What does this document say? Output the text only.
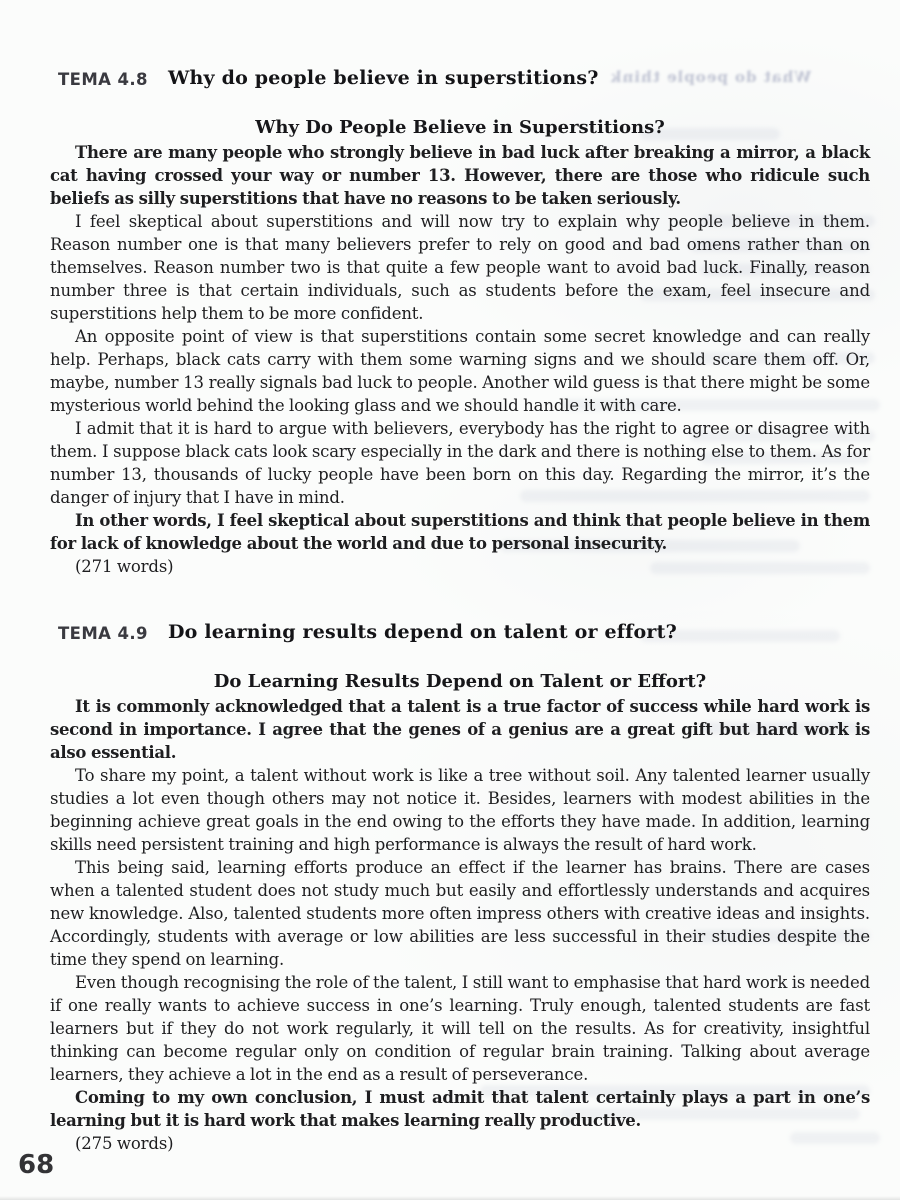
What do people think
ТЕМА 4.8 Why do people believe in superstitions?
Why Do People Believe in Superstitions?

There are many people who strongly believe in bad luck after breaking a mirror, a black cat having crossed your way or number 13. However, there are those who ridicule such beliefs as silly superstitions that have no reasons to be taken seriously.

I feel skeptical about superstitions and will now try to explain why people believe in them. Reason number one is that many believers prefer to rely on good and bad omens rather than on themselves. Reason number two is that quite a few people want to avoid bad luck. Finally, reason number three is that certain individuals, such as students before the exam, feel insecure and superstitions help them to be more confident.

An opposite point of view is that superstitions contain some secret knowledge and can really help. Perhaps, black cats carry with them some warning signs and we should scare them off. Or, maybe, number 13 really signals bad luck to people. Another wild guess is that there might be some mysterious world behind the looking glass and we should handle it with care.

I admit that it is hard to argue with believers, everybody has the right to agree or disagree with them. I suppose black cats look scary especially in the dark and there is nothing else to them. As for number 13, thousands of lucky people have been born on this day. Regarding the mirror, it’s the danger of injury that I have in mind.

In other words, I feel skeptical about superstitions and think that people believe in them for lack of knowledge about the world and due to personal insecurity.

(271 words)

ТЕМА 4.9 Do learning results depend on talent or effort?
Do Learning Results Depend on Talent or Effort?

It is commonly acknowledged that a talent is a true factor of success while hard work is second in importance. I agree that the genes of a genius are a great gift but hard work is also essential.

To share my point, a talent without work is like a tree without soil. Any talented learner usually studies a lot even though others may not notice it. Besides, learners with modest abilities in the beginning achieve great goals in the end owing to the efforts they have made. In addition, learning skills need persistent training and high performance is always the result of hard work.

This being said, learning efforts produce an effect if the learner has brains. There are cases when a talented student does not study much but easily and effortlessly understands and acquires new knowledge. Also, talented students more often impress others with creative ideas and insights. Accordingly, students with average or low abilities are less successful in their studies despite the time they spend on learning.

Even though recognising the role of the talent, I still want to emphasise that hard work is needed if one really wants to achieve success in one’s learning. Truly enough, talented students are fast learners but if they do not work regularly, it will tell on the results. As for creativity, insightful thinking can become regular only on condition of regular brain training. Talking about average learners, they achieve a lot in the end as a result of perseverance.

Coming to my own conclusion, I must admit that talent certainly plays a part in one’s learning but it is hard work that makes learning really productive.

(275 words)

68
